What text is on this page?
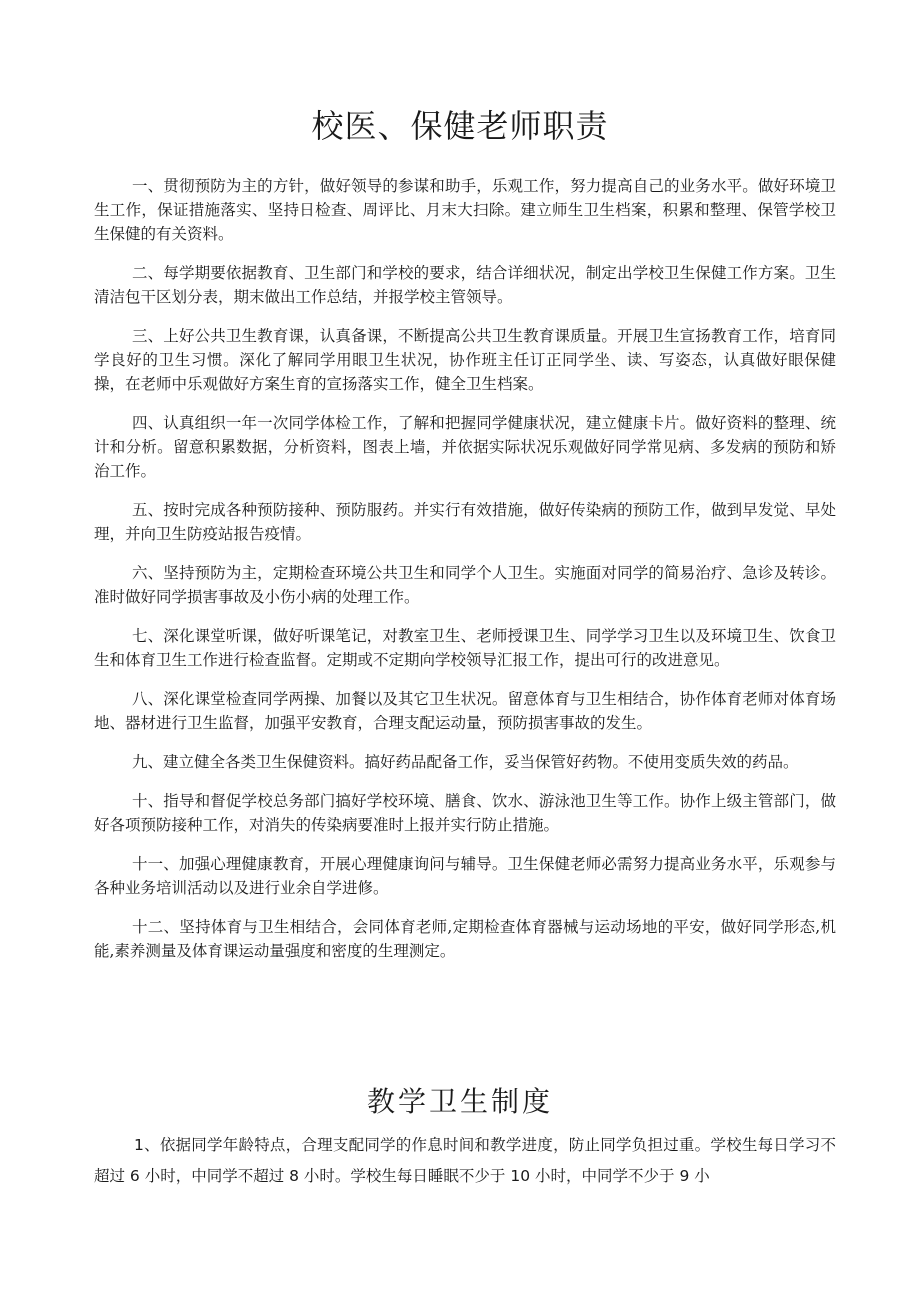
校医、保健老师职责

一、贯彻预防为主的方针，做好领导的参谋和助手，乐观工作，努力提高自己的业务水平。做好环境卫生工作，保证措施落实、坚持日检查、周评比、月末大扫除。建立师生卫生档案，积累和整理、保管学校卫生保健的有关资料。

二、每学期要依据教育、卫生部门和学校的要求，结合详细状况，制定出学校卫生保健工作方案。卫生清洁包干区划分表，期末做出工作总结，并报学校主管领导。

三、上好公共卫生教育课，认真备课，不断提高公共卫生教育课质量。开展卫生宣扬教育工作，培育同学良好的卫生习惯。深化了解同学用眼卫生状况，协作班主任订正同学坐、读、写姿态，认真做好眼保健操，在老师中乐观做好方案生育的宣扬落实工作，健全卫生档案。

四、认真组织一年一次同学体检工作，了解和把握同学健康状况，建立健康卡片。做好资料的整理、统计和分析。留意积累数据，分析资料，图表上墙，并依据实际状况乐观做好同学常见病、多发病的预防和矫治工作。

五、按时完成各种预防接种、预防服药。并实行有效措施，做好传染病的预防工作，做到早发觉、早处理，并向卫生防疫站报告疫情。

六、坚持预防为主，定期检查环境公共卫生和同学个人卫生。实施面对同学的简易治疗、急诊及转诊。准时做好同学损害事故及小伤小病的处理工作。

七、深化课堂听课，做好听课笔记，对教室卫生、老师授课卫生、同学学习卫生以及环境卫生、饮食卫生和体育卫生工作进行检查监督。定期或不定期向学校领导汇报工作，提出可行的改进意见。

八、深化课堂检查同学两操、加餐以及其它卫生状况。留意体育与卫生相结合，协作体育老师对体育场地、器材进行卫生监督，加强平安教育，合理支配运动量，预防损害事故的发生。

九、建立健全各类卫生保健资料。搞好药品配备工作，妥当保管好药物。不使用变质失效的药品。

十、指导和督促学校总务部门搞好学校环境、膳食、饮水、游泳池卫生等工作。协作上级主管部门，做好各项预防接种工作，对消失的传染病要准时上报并实行防止措施。

十一、加强心理健康教育，开展心理健康询问与辅导。卫生保健老师必需努力提高业务水平，乐观参与各种业务培训活动以及进行业余自学进修。

十二、坚持体育与卫生相结合，会同体育老师,定期检查体育器械与运动场地的平安，做好同学形态,机能,素养测量及体育课运动量强度和密度的生理测定。

教学卫生制度

1、依据同学年龄特点，合理支配同学的作息时间和教学进度，防止同学负担过重。学校生每日学习不超过 6 小时，中同学不超过 8 小时。学校生每日睡眠不少于 10 小时，中同学不少于 9 小
